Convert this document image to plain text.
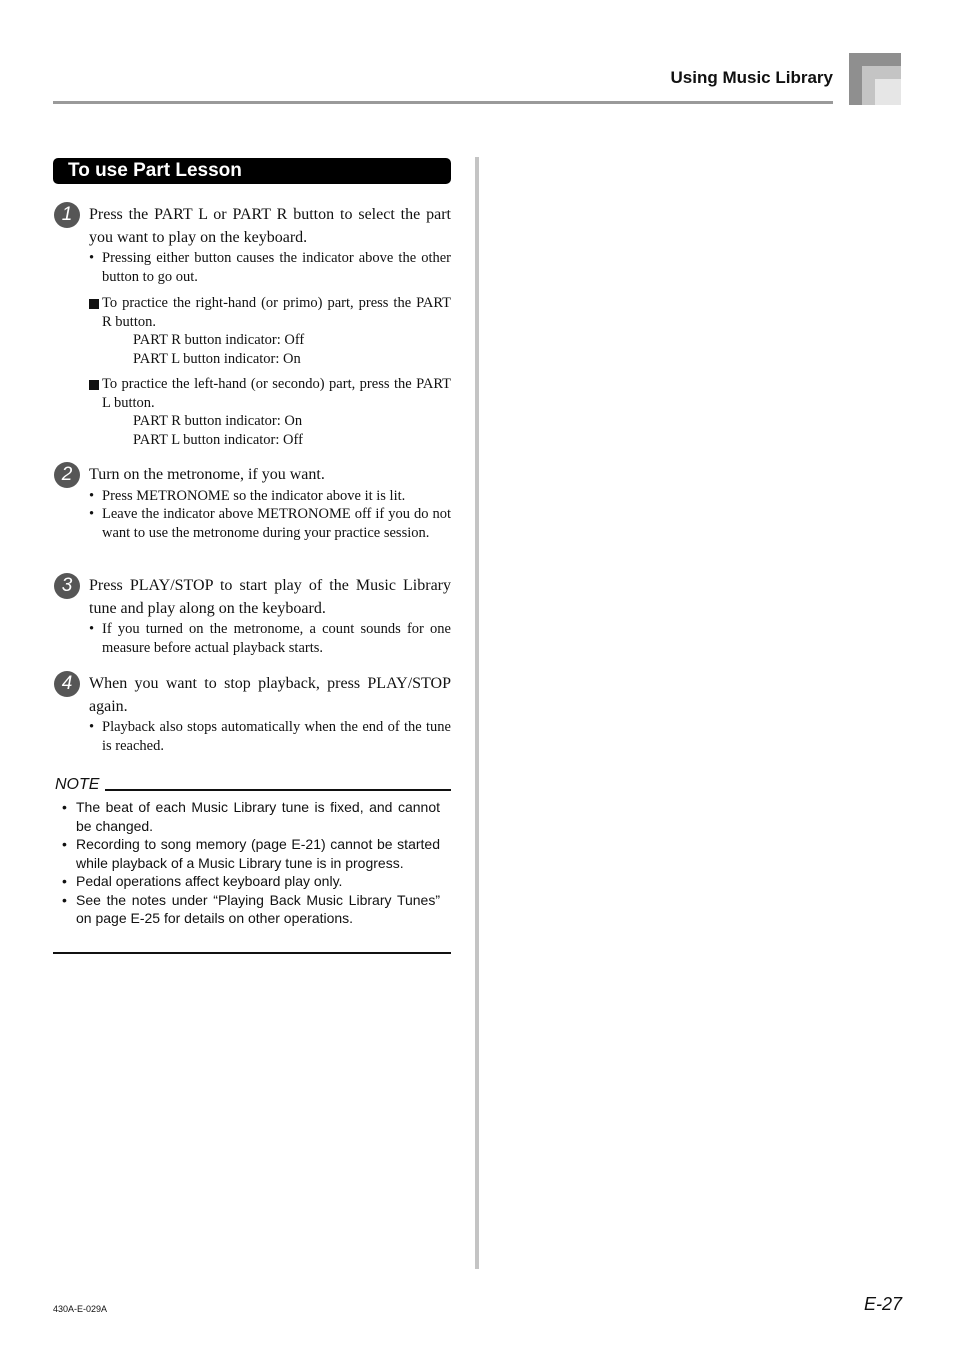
Using Music Library
To use Part Lesson
1	Press the PART L or PART R button to select the part you want to play on the keyboard.
• Pressing either button causes the indicator above the other button to go out.
To practice the right-hand (or primo) part, press the PART R button.
PART R button indicator: Off
PART L button indicator: On
To practice the left-hand (or secondo) part, press the PART L button.
PART R button indicator: On
PART L button indicator: Off
2	Turn on the metronome, if you want.
• Press METRONOME so the indicator above it is lit.
• Leave the indicator above METRONOME off if you do not want to use the metronome during your practice session.
3	Press PLAY/STOP to start play of the Music Library tune and play along on the keyboard.
• If you turned on the metronome, a count sounds for one measure before actual playback starts.
4	When you want to stop playback, press PLAY/STOP again.
• Playback also stops automatically when the end of the tune is reached.
NOTE
• The beat of each Music Library tune is fixed, and cannot be changed.
• Recording to song memory (page E-21) cannot be started while playback of a Music Library tune is in progress.
• Pedal operations affect keyboard play only.
• See the notes under “Playing Back Music Library Tunes” on page E-25 for details on other operations.
430A-E-029A	E-27
